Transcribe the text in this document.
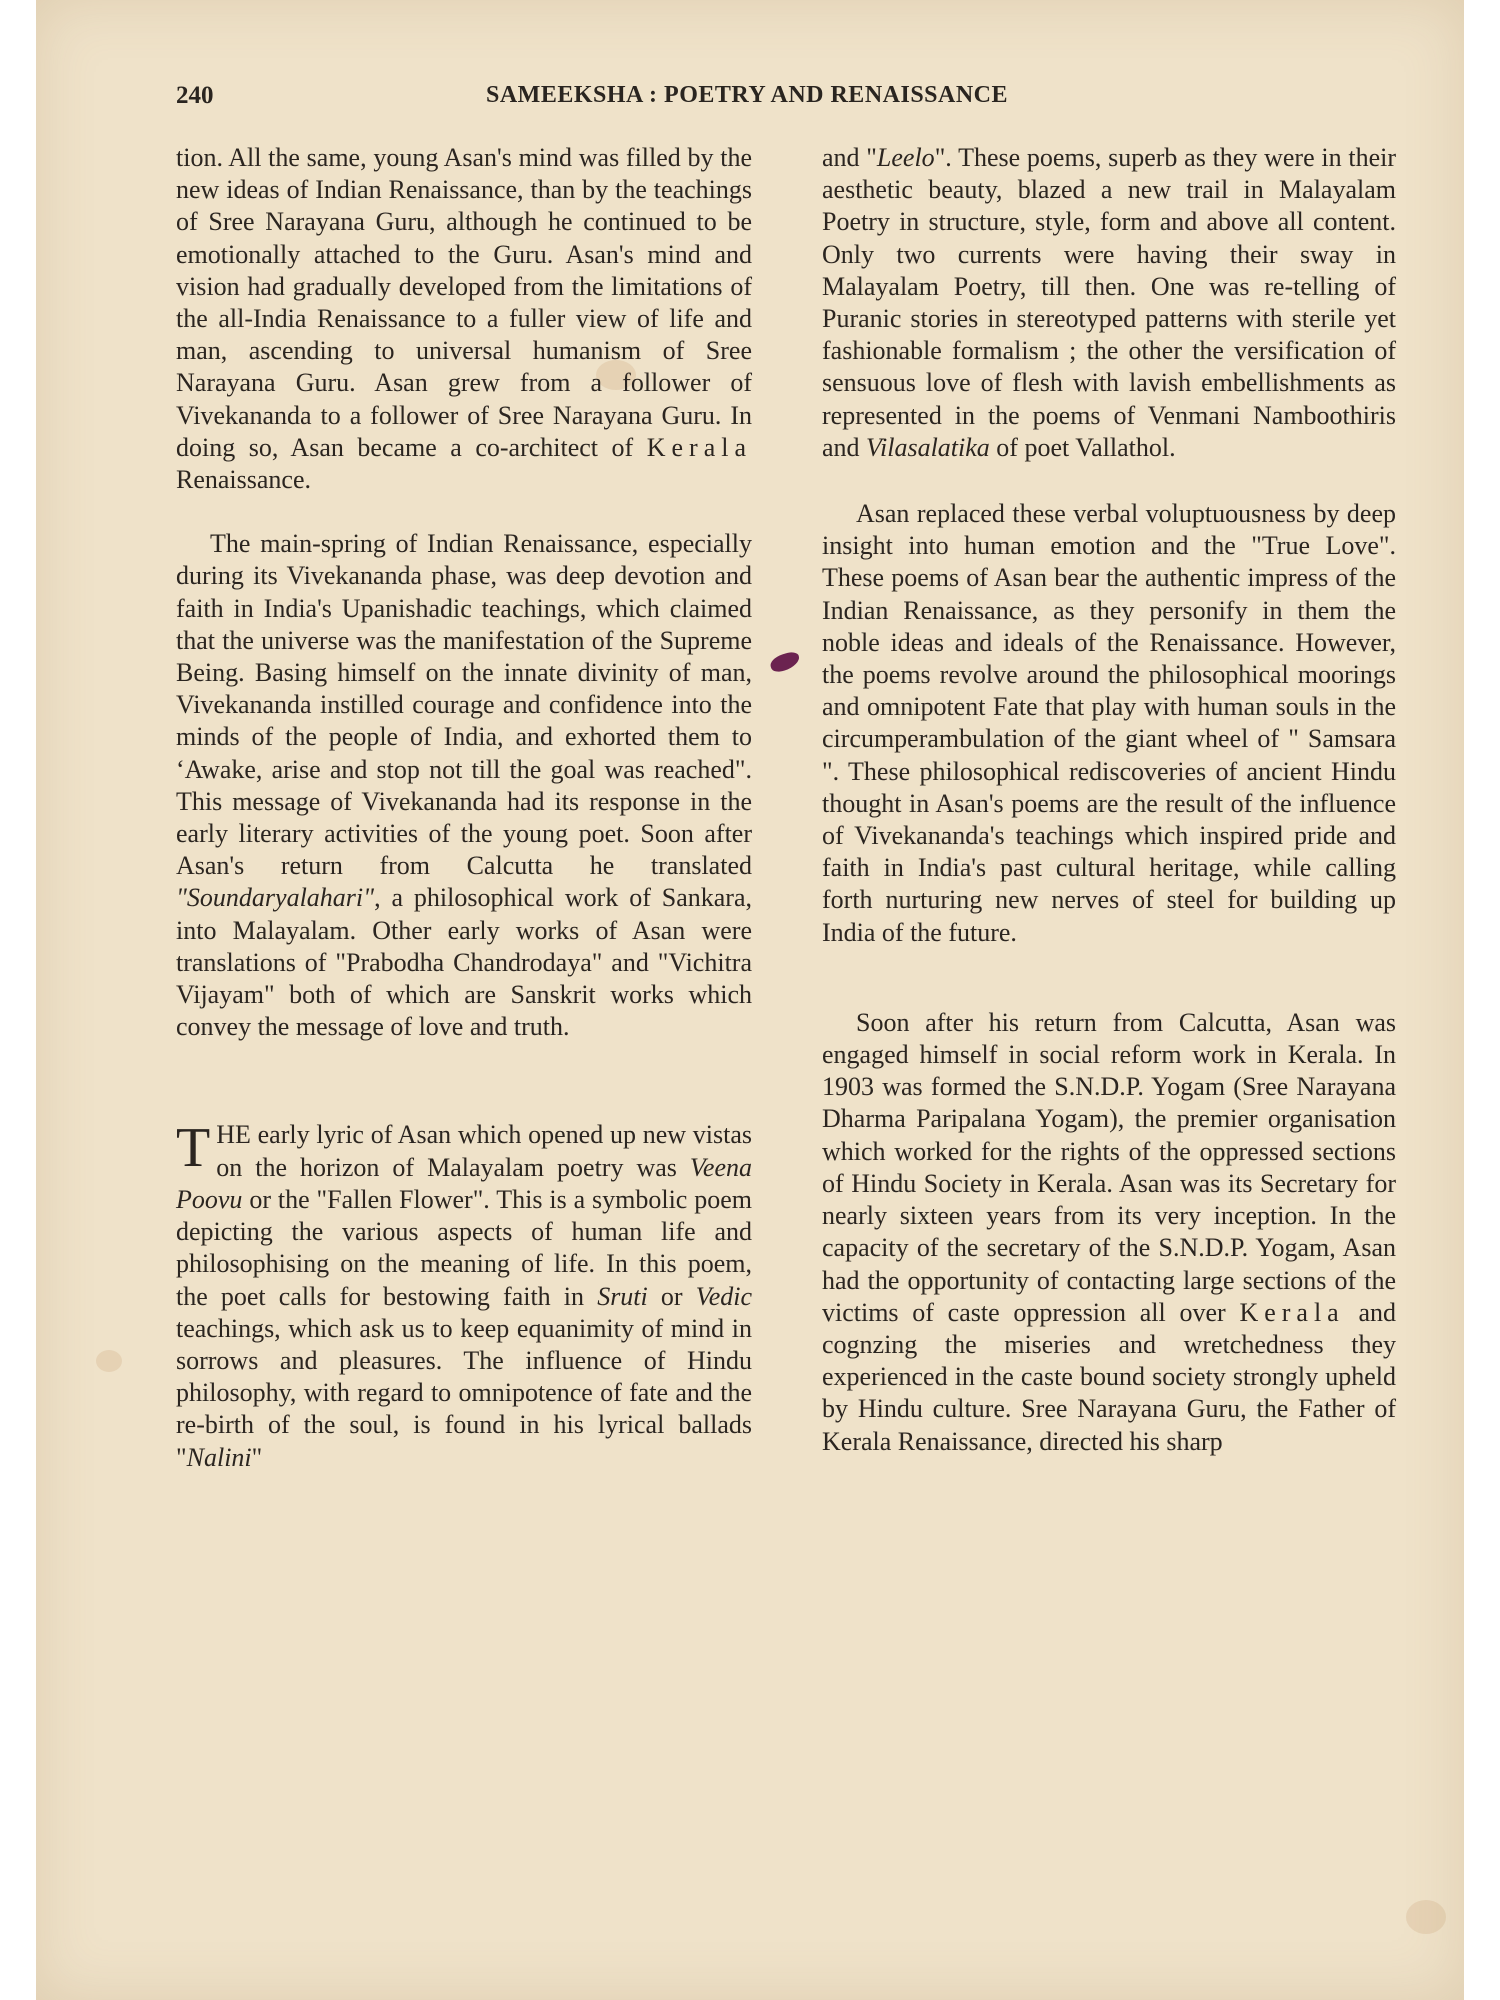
240	SAMEEKSHA : POETRY AND RENAISSANCE

tion. All the same, young Asan's mind was filled by the new ideas of Indian Renaissance, than by the teachings of Sree Narayana Guru, although he continued to be emotionally attached to the Guru. Asan's mind and vision had gradually developed from the limitations of the all-India Renaissance to a fuller view of life and man, ascending to universal humanism of Sree Narayana Guru. Asan grew from a follower of Vivekananda to a follower of Sree Narayana Guru. In doing so, Asan became a co-architect of Kerala Renaissance.

The main-spring of Indian Renaissance, especially during its Vivekananda phase, was deep devotion and faith in India's Upanishadic teachings, which claimed that the universe was the manifestation of the Supreme Being. Basing himself on the innate divinity of man, Vivekananda instilled courage and confidence into the minds of the people of India, and exhorted them to ‘Awake, arise and stop not till the goal was reached". This message of Vivekananda had its response in the early literary activities of the young poet. Soon after Asan's return from Calcutta he translated "Soundaryalahari", a philosophical work of Sankara, into Malayalam. Other early works of Asan were translations of "Prabodha Chandrodaya" and "Vichitra Vijayam" both of which are Sanskrit works which convey the message of love and truth.

THE early lyric of Asan which opened up new vistas on the horizon of Malayalam poetry was Veena Poovu or the "Fallen Flower". This is a symbolic poem depicting the various aspects of human life and philosophising on the meaning of life. In this poem, the poet calls for bestowing faith in Sruti or Vedic teachings, which ask us to keep equanimity of mind in sorrows and pleasures. The influence of Hindu philosophy, with regard to omnipotence of fate and the re-birth of the soul, is found in his lyrical ballads "Nalini"

and "Leelo". These poems, superb as they were in their aesthetic beauty, blazed a new trail in Malayalam Poetry in structure, style, form and above all content. Only two currents were having their sway in Malayalam Poetry, till then. One was re-telling of Puranic stories in stereotyped patterns with sterile yet fashionable formalism ; the other the versification of sensuous love of flesh with lavish embellishments as represented in the poems of Venmani Namboothiris and Vilasalatika of poet Vallathol.

Asan replaced these verbal voluptuousness by deep insight into human emotion and the "True Love". These poems of Asan bear the authentic impress of the Indian Renaissance, as they personify in them the noble ideas and ideals of the Renaissance. However, the poems revolve around the philosophical moorings and omnipotent Fate that play with human souls in the circumperambulation of the giant wheel of " Samsara ". These philosophical rediscoveries of ancient Hindu thought in Asan's poems are the result of the influence of Vivekananda's teachings which inspired pride and faith in India's past cultural heritage, while calling forth nurturing new nerves of steel for building up India of the future.

Soon after his return from Calcutta, Asan was engaged himself in social reform work in Kerala. In 1903 was formed the S.N.D.P. Yogam (Sree Narayana Dharma Paripalana Yogam), the premier organisation which worked for the rights of the oppressed sections of Hindu Society in Kerala. Asan was its Secretary for nearly sixteen years from its very inception. In the capacity of the secretary of the S.N.D.P. Yogam, Asan had the opportunity of contacting large sections of the victims of caste oppression all over Kerala and cognzing the miseries and wretchedness they experienced in the caste bound society strongly upheld by Hindu culture. Sree Narayana Guru, the Father of Kerala Renaissance, directed his sharp
